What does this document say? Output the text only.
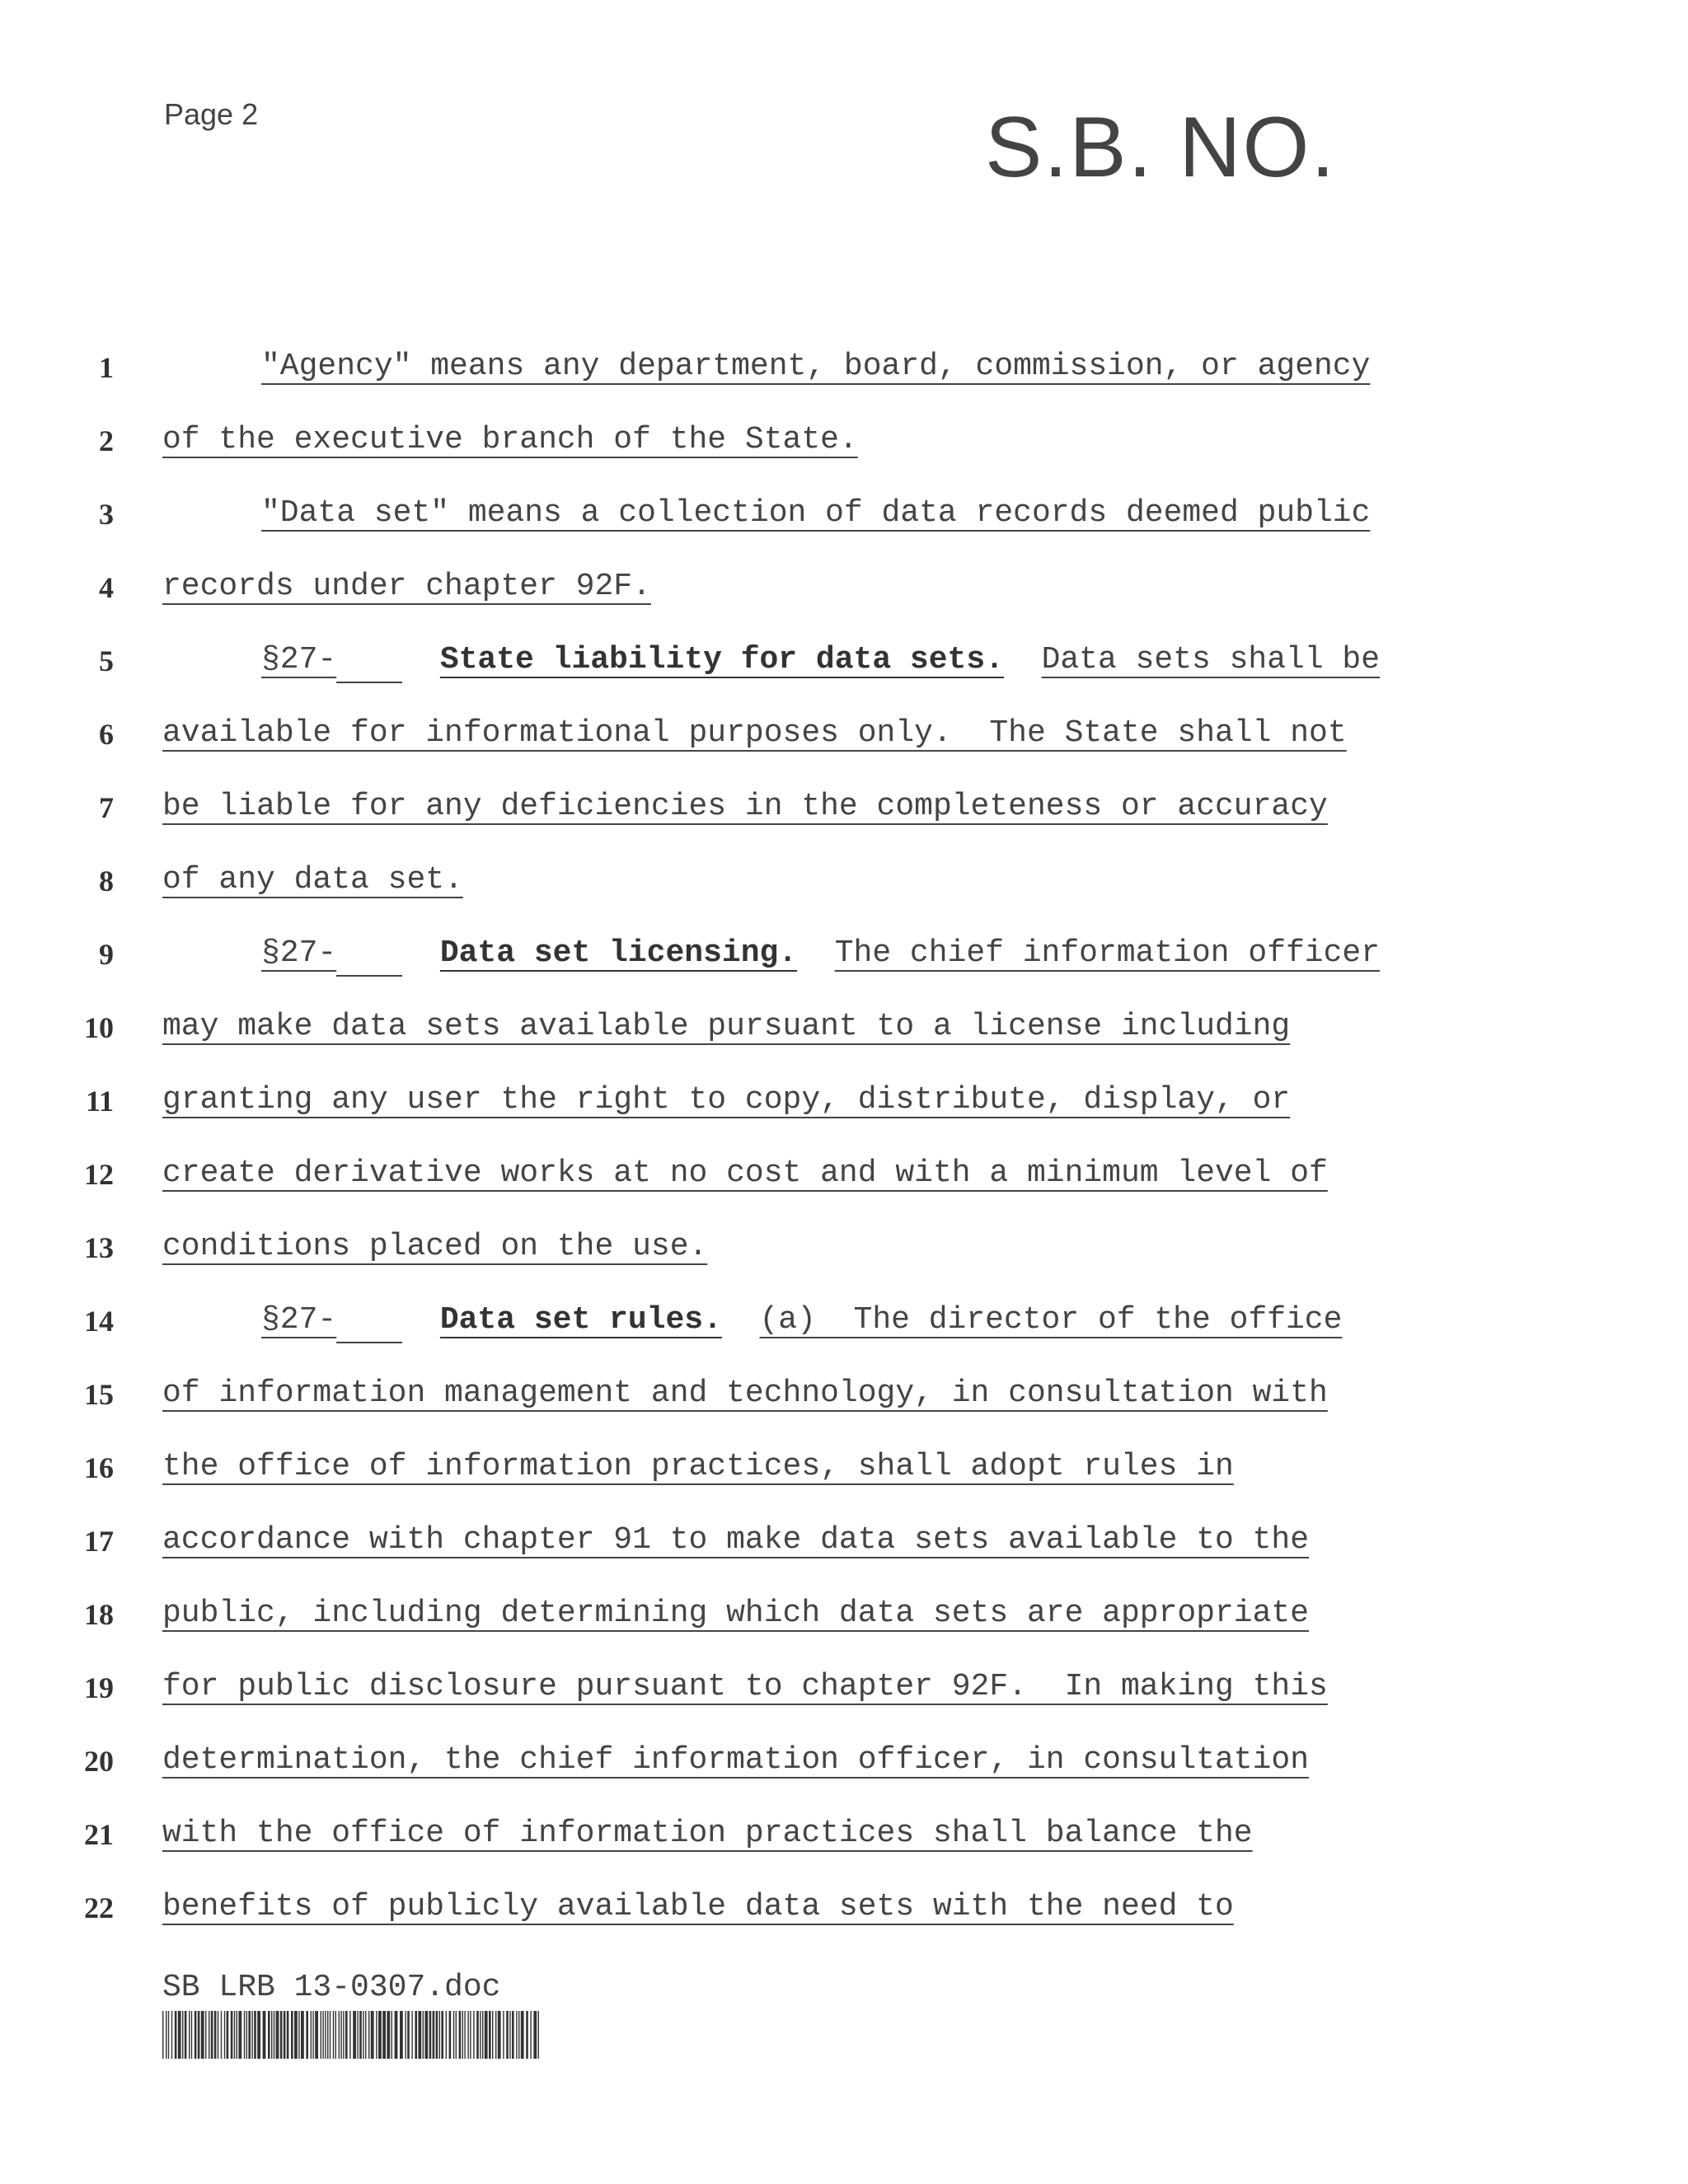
Page 2	S.B. NO.
1
2
3
4
5
6
7
8
9
10
11
12
13
14
15
16
17
18
19
20
21
22
"Agency" means any department, board, commission, or agency
of the executive branch of the State.
"Data set" means a collection of data records deemed public
records under chapter 92F.
§27-	State liability for data sets. Data sets shall be
available for informational purposes only.  The State shall not
be liable for any deficiencies in the completeness or accuracy
of any data set.
§27-	Data set licensing. The chief information officer
may make data sets available pursuant to a license including
granting any user the right to copy, distribute, display, or
create derivative works at no cost and with a minimum level of
conditions placed on the use.
§27-	Data set rules. (a)  The director of the office
of information management and technology, in consultation with
the office of information practices, shall adopt rules in
accordance with chapter 91 to make data sets available to the
public, including determining which data sets are appropriate
for public disclosure pursuant to chapter 92F.  In making this
determination, the chief information officer, in consultation
with the office of information practices shall balance the
benefits of publicly available data sets with the need to
SB LRB 13-0307.doc
